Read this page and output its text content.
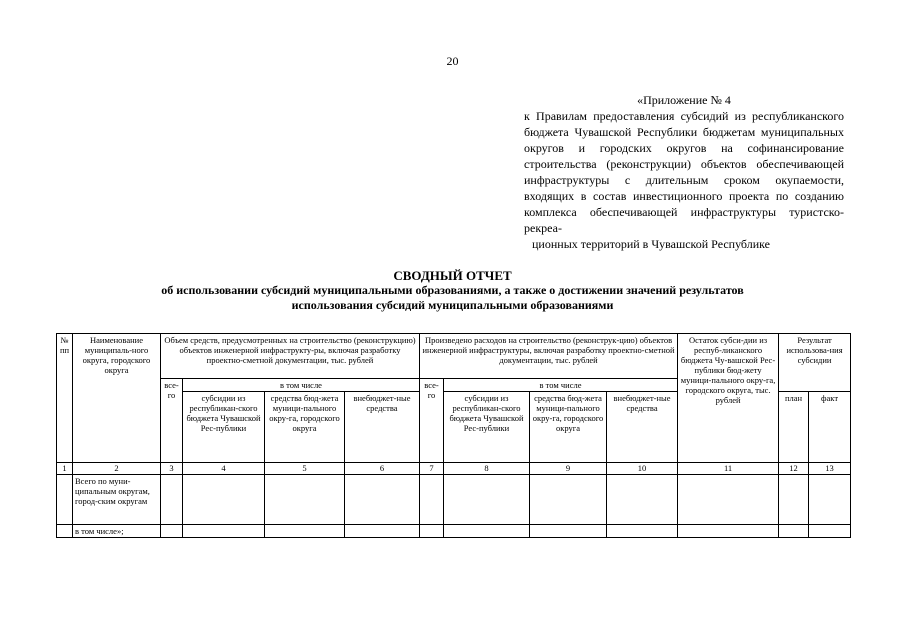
20
«Приложение № 4
к Правилам предоставления субсидий из республиканского бюджета Чувашской Республики бюджетам муниципальных округов и городских округов на софинансирование строительства (реконструкции) объектов обеспечивающей инфраструктуры с длительным сроком окупаемости, входящих в состав инвестиционного проекта по созданию комплекса обеспечивающей инфраструктуры туристско-рекреа-
ционных территорий в Чувашской Республике
СВОДНЫЙ ОТЧЕТ
об использовании субсидий муниципальными образованиями, а также о достижении значений результатов
использования субсидий муниципальными образованиями
№ пп	Наименование муниципаль-ного округа, городского округа	Объем средств, предусмотренных на строительство (реконструкцию) объектов инженерной инфраструкту-ры, включая разработку проектно-сметной документации, тыс. рублей				Произведено расходов на строительство (реконструк-цию) объектов инженерной инфраструктуры, включая разработку проектно-сметной документации, тыс. рублей				Остаток субси-дии из респуб-ликанского бюджета Чу-вашской Рес-публики бюд-жету муници-пального окру-га, городского округа, тыс. рублей	Результат использова-ния субсидии	
		все-го	в том числе			все-го	в том числе					
			субсидии из республикан-ского бюджета Чувашской Рес-публики	средства бюд-жета муници-пального окру-га, городского округа	внебюджет-ные средства		субсидии из республикан-ского бюджета Чувашской Рес-публики	средства бюд-жета муници-пального окру-га, городского округа	внебюджет-ные средства		план	факт
1	2	3	4	5	6	7	8	9	10	11	12	13
	Всего по муни-ципальным округам, город-ским округам											
	в том числе»;											
